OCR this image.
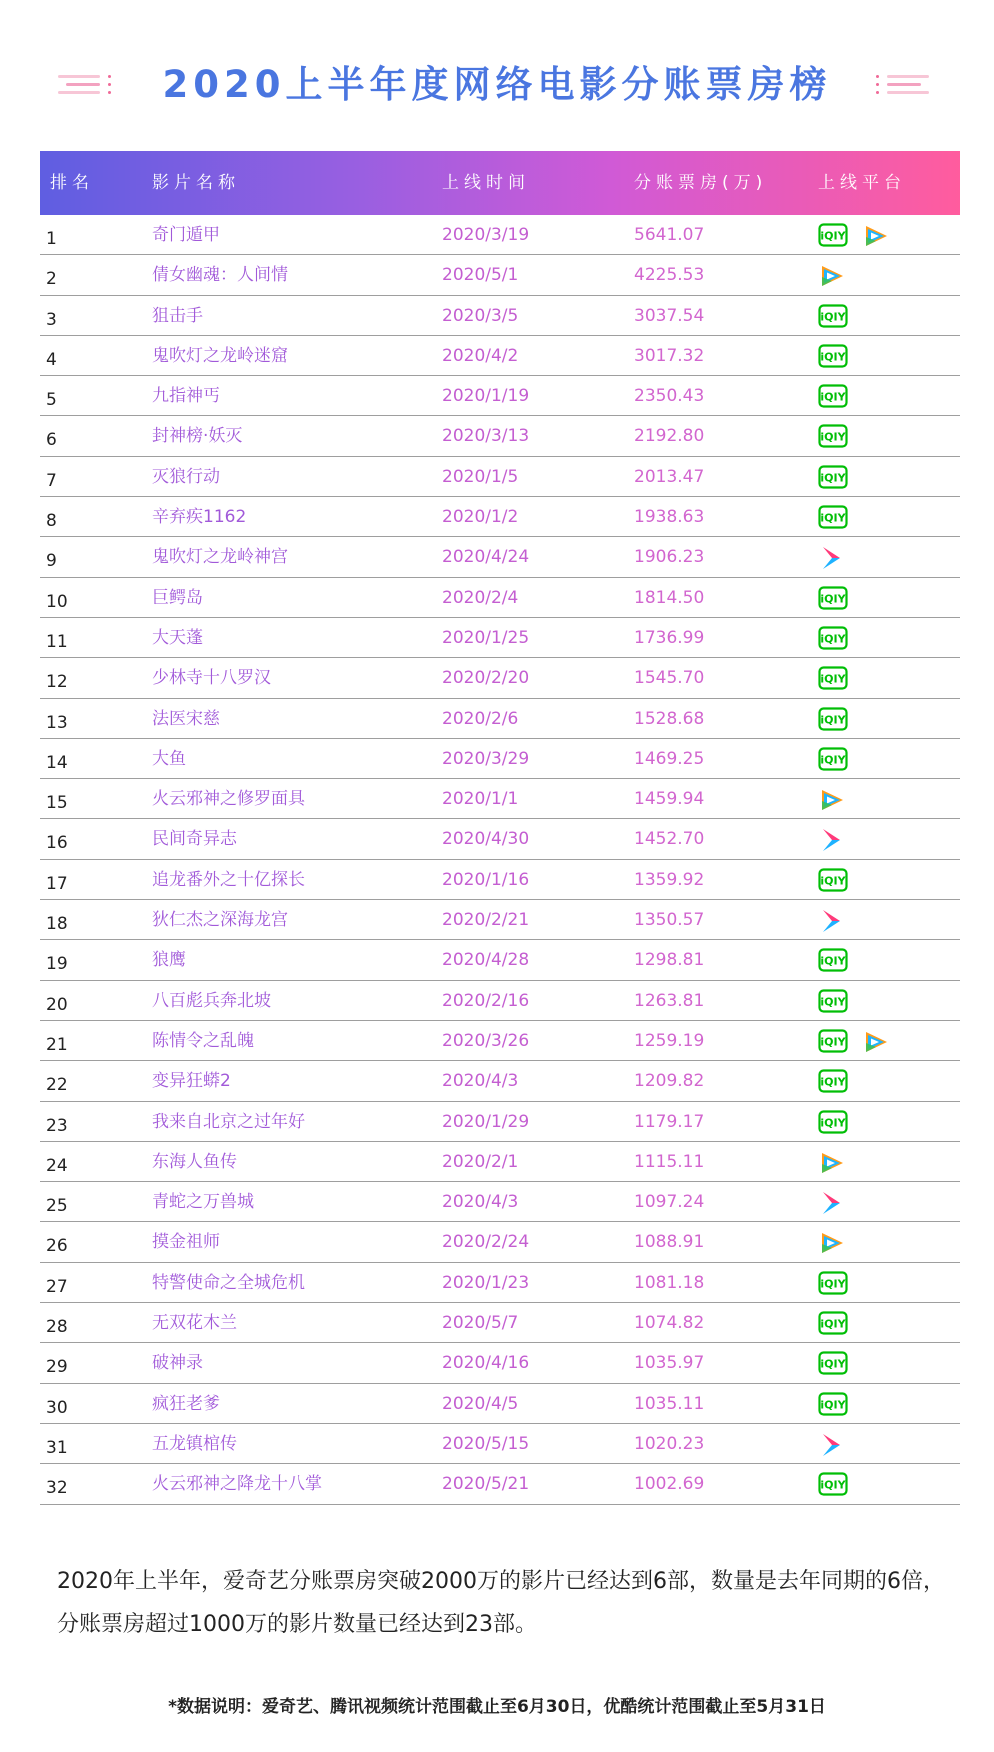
2020上半年度网络电影分账票房榜
排名	影片名称	上线时间	分账票房(万)	上线平台
1	奇门遁甲	2020/3/19	5641.07	iQIY
2	倩女幽魂：人间情	2020/5/1	4225.53
3	狙击手	2020/3/5	3037.54	iQIY
4	鬼吹灯之龙岭迷窟	2020/4/2	3017.32	iQIY
5	九指神丐	2020/1/19	2350.43	iQIY
6	封神榜·妖灭	2020/3/13	2192.80	iQIY
7	灭狼行动	2020/1/5	2013.47	iQIY
8	辛弃疾1162	2020/1/2	1938.63	iQIY
9	鬼吹灯之龙岭神宫	2020/4/24	1906.23
10	巨鳄岛	2020/2/4	1814.50	iQIY
11	大天蓬	2020/1/25	1736.99	iQIY
12	少林寺十八罗汉	2020/2/20	1545.70	iQIY
13	法医宋慈	2020/2/6	1528.68	iQIY
14	大鱼	2020/3/29	1469.25	iQIY
15	火云邪神之修罗面具	2020/1/1	1459.94
16	民间奇异志	2020/4/30	1452.70
17	追龙番外之十亿探长	2020/1/16	1359.92	iQIY
18	狄仁杰之深海龙宫	2020/2/21	1350.57
19	狼鹰	2020/4/28	1298.81	iQIY
20	八百彪兵奔北坡	2020/2/16	1263.81	iQIY
21	陈情令之乱魄	2020/3/26	1259.19	iQIY
22	变异狂蟒2	2020/4/3	1209.82	iQIY
23	我来自北京之过年好	2020/1/29	1179.17	iQIY
24	东海人鱼传	2020/2/1	1115.11
25	青蛇之万兽城	2020/4/3	1097.24
26	摸金祖师	2020/2/24	1088.91
27	特警使命之全城危机	2020/1/23	1081.18	iQIY
28	无双花木兰	2020/5/7	1074.82	iQIY
29	破神录	2020/4/16	1035.97	iQIY
30	疯狂老爹	2020/4/5	1035.11	iQIY
31	五龙镇棺传	2020/5/15	1020.23
32	火云邪神之降龙十八掌	2020/5/21	1002.69	iQIY
2020年上半年，爱奇艺分账票房突破2000万的影片已经达到6部，数量是去年同期的6倍，分账票房超过1000万的影片数量已经达到23部。
*数据说明：爱奇艺、腾讯视频统计范围截止至6月30日，优酷统计范围截止至5月31日
